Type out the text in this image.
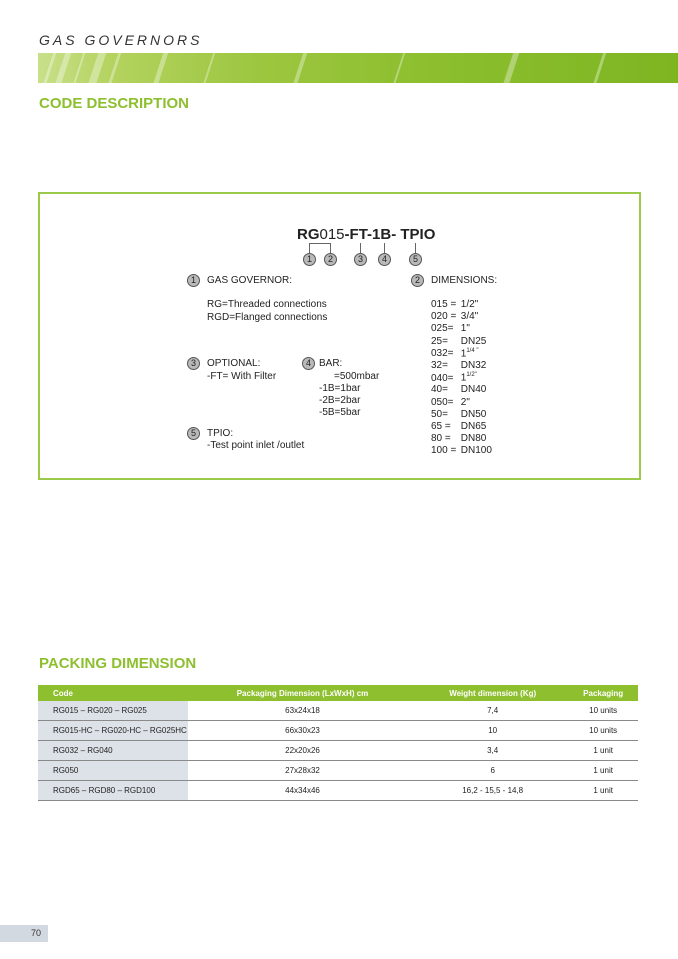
GAS GOVERNORS
CODE DESCRIPTION
RG015-FT-1B- TPIO
1	2	3	4	5
1	GAS GOVERNOR:
RG=Threaded connections
RGD=Flanged connections
3	OPTIONAL:
-FT= With Filter
4 BAR:
=500mbar
-1B=1bar
-2B=2bar
-5B=5bar
5	TPIO:
-Test point inlet /outlet
2	DIMENSIONS:
015 = 1/2"
020 = 3/4"
025= 1"
25= DN25
$032= 1^{1/4 "}$
32= DN32
$040= 1^{1/2"}$
40= DN40
050= 2"
50= DN50
65 = DN65
80 = DN80
100 = DN100
PACKING DIMENSION
Code	Packaging Dimension (LxWxH) cm	Weight dimension (Kg)	Packaging
RG015 – RG020 – RG025	63x24x18	7,4	10 units
RG015-HC – RG020-HC – RG025HC	66x30x23	10	10 units
RG032 – RG040	22x20x26	3,4	1 unit
RG050	27x28x32	6	1 unit
RGD65 – RGD80 – RGD100	44x34x46	16,2 - 15,5 - 14,8	1 unit
70
